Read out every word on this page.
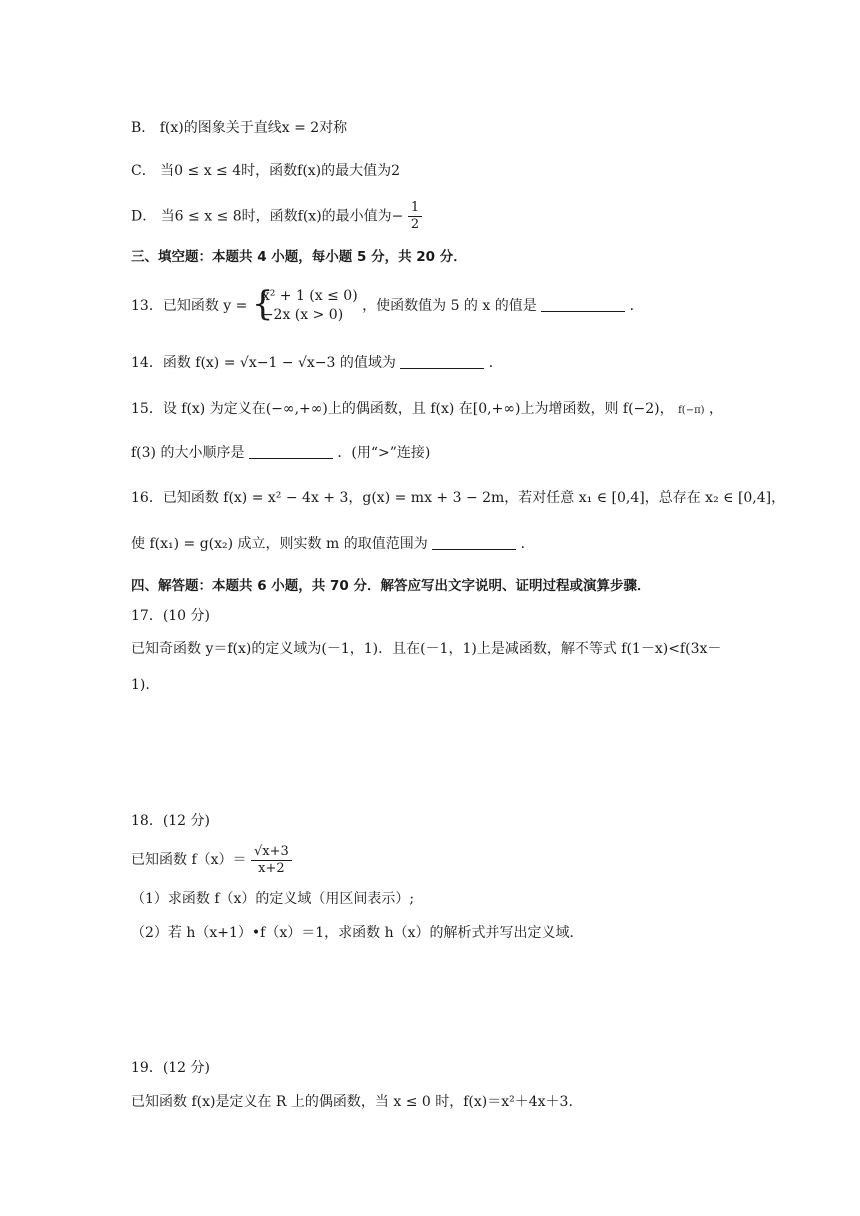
B． f(x)的图象关于直线x = 2对称
C． 当0 ≤ x ≤ 4时，函数f(x)的最大值为2
D． 当6 ≤ x ≤ 8时，函数f(x)的最小值为− $\frac{1}{2}$
三、填空题：本题共 4 小题，每小题 5 分，共 20 分．
13．已知函数 y = {
x² + 1 (x ≤ 0)
−2x (x > 0)
，使函数值为 5 的 x 的值是	．
14．函数 f(x) = √x−1 − √x−3 的值域为	．
15．设 f(x) 为定义在(−∞,+∞)上的偶函数，且 f(x) 在[0,+∞)上为增函数，则 f(−2)， f(−π) ，
f(3) 的大小顺序是	．(用“>”连接)
16．已知函数 f(x) = x² − 4x + 3，g(x) = mx + 3 − 2m，若对任意 x₁ ∈ [0,4]，总存在 x₂ ∈ [0,4]，
使 f(x₁) = g(x₂) 成立，则实数 m 的取值范围为	．
四、解答题：本题共 6 小题，共 70 分．解答应写出文字说明、证明过程或演算步骤．
17．(10 分)
已知奇函数 y＝f(x)的定义域为(－1，1)．且在(－1，1)上是减函数，解不等式 f(1－x)<f(3x－
1).
18．(12 分)
已知函数 $f(x)= \frac{√x+3}{x+2}$
（1）求函数 f（x）的定义域（用区间表示）;
（2）若 h（x+1）•f（x）＝1，求函数 h（x）的解析式并写出定义域.
19．(12 分)
已知函数 f(x)是定义在 R 上的偶函数，当 x ≤ 0 时，f(x)＝x²＋4x＋3.
